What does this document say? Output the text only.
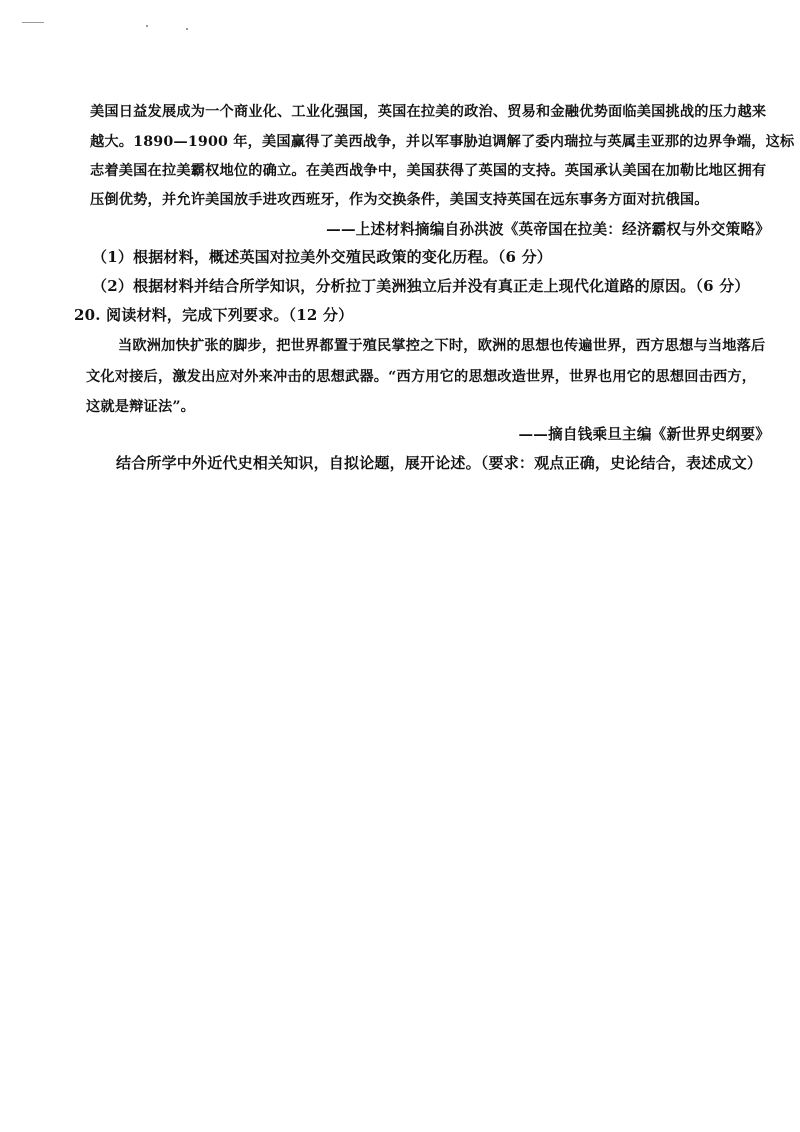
美国日益发展成为一个商业化、工业化强国，英国在拉美的政治、贸易和金融优势面临美国挑战的压力越来
越大。1890—1900 年，美国赢得了美西战争，并以军事胁迫调解了委内瑞拉与英属圭亚那的边界争端，这标
志着美国在拉美霸权地位的确立。在美西战争中，美国获得了英国的支持。英国承认美国在加勒比地区拥有
压倒优势，并允许美国放手进攻西班牙，作为交换条件，美国支持英国在远东事务方面对抗俄国。
——上述材料摘编自孙洪波《英帝国在拉美：经济霸权与外交策略》
（1）根据材料，概述英国对拉美外交殖民政策的变化历程。（6 分）
（2）根据材料并结合所学知识，分析拉丁美洲独立后并没有真正走上现代化道路的原因。（6 分）
20. 阅读材料，完成下列要求。（12 分）
当欧洲加快扩张的脚步，把世界都置于殖民掌控之下时，欧洲的思想也传遍世界，西方思想与当地落后
文化对接后，激发出应对外来冲击的思想武器。“西方用它的思想改造世界，世界也用它的思想回击西方，
这就是辩证法”。
——摘自钱乘旦主编《新世界史纲要》
结合所学中外近代史相关知识，自拟论题，展开论述。（要求：观点正确，史论结合，表述成文）
